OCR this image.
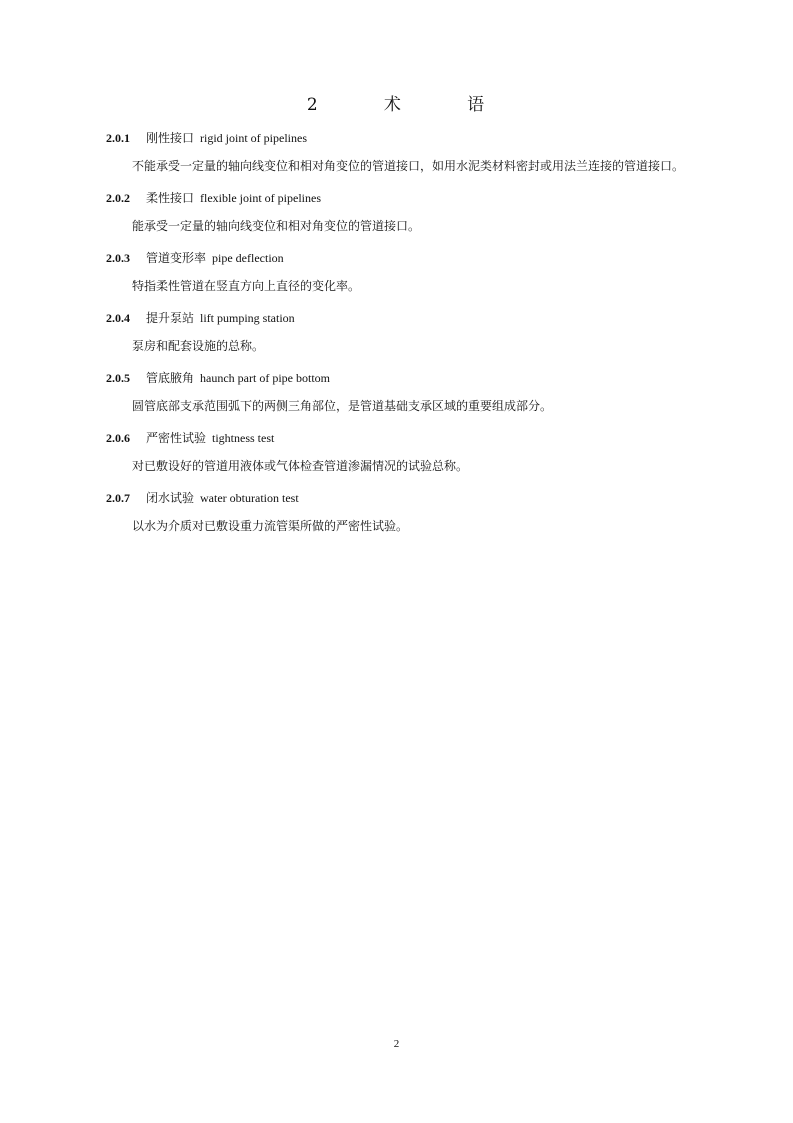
2   术   语
2.0.1 刚性接口 rigid joint of pipelines

不能承受一定量的轴向线变位和相对角变位的管道接口，如用水泥类材料密封或用法兰连接的管道接口。

2.0.2 柔性接口 flexible joint of pipelines

能承受一定量的轴向线变位和相对角变位的管道接口。

2.0.3 管道变形率 pipe deflection

特指柔性管道在竖直方向上直径的变化率。

2.0.4 提升泵站 lift pumping station

泵房和配套设施的总称。

2.0.5 管底腋角 haunch part of pipe bottom

圆管底部支承范围弧下的两侧三角部位，是管道基础支承区域的重要组成部分。

2.0.6 严密性试验 tightness test

对已敷设好的管道用液体或气体检查管道渗漏情况的试验总称。

2.0.7 闭水试验 water obturation test

以水为介质对已敷设重力流管渠所做的严密性试验。

2
